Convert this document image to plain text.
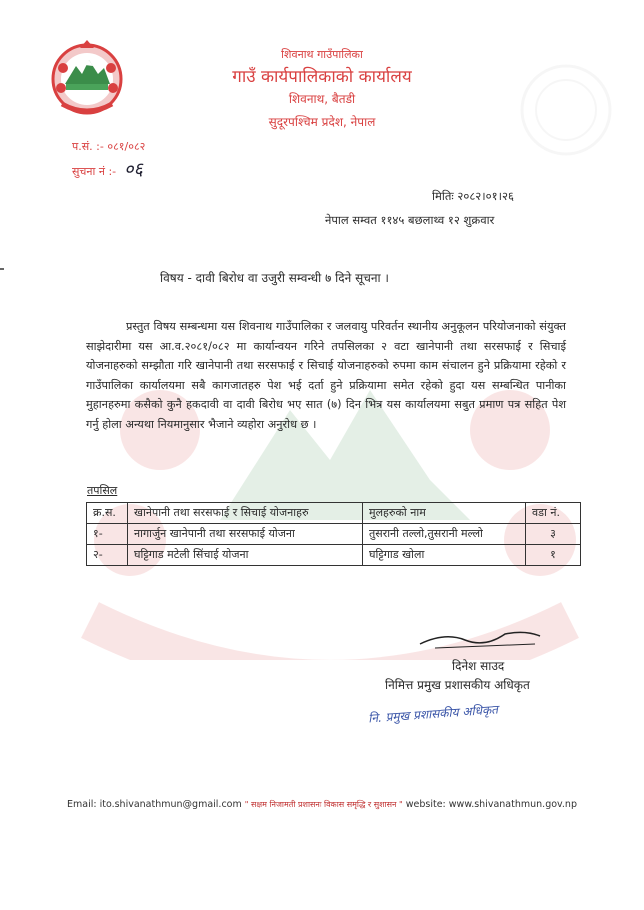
शिवनाथ गाउँपालिका
गाउँ कार्यपालिकाको कार्यालय
शिवनाथ, बैतडी
सुदूरपश्चिम प्रदेश, नेपाल
प.सं. :- ०८१/०८२
सुचना नं :- ०६
मितिः २०८२।०१।२६
नेपाल सम्वत ११४५ बछलाथ्व १२ शुक्रवार
विषय - दावी बिरोध वा उजुरी सम्वन्धी ७ दिने सूचना ।
प्रस्तुत विषय सम्बन्धमा यस शिवनाथ गाउँपालिका र जलवायु परिवर्तन स्थानीय अनुकूलन परियोजनाको संयुक्त साझेदारीमा यस आ.व.२०८१/०८२ मा कार्यान्वयन गरिने तपसिलका २ वटा खानेपानी तथा सरसफाई र सिचाई योजनाहरुको सम्झौता गरि खानेपानी तथा सरसफाई र सिचाई योजनाहरुको रुपमा काम संचालन हुने प्रक्रियामा रहेको र गाउँपालिका कार्यालयमा सबै कागजातहरु पेश भई दर्ता हुने प्रक्रियामा समेत रहेको हुदा यस सम्बन्धित पानीका मुहानहरुमा कसैको कुनै हकदावी वा दावी बिरोध भए सात (७) दिन भित्र यस कार्यालयमा सबुत प्रमाण पत्र सहित पेश गर्नु होला अन्यथा नियमानुसार भैजाने व्यहोरा अनुरोध छ ।
तपसिल
क्र.स.	खानेपानी तथा सरसफाई र सिचाई योजनाहरु	मुलहरुको नाम	वडा नं.
१-	नागार्जुन खानेपानी तथा सरसफाई योजना	तुसरानी तल्लो,तुसरानी मल्लो	३
२-	घट्टिगाड मटेली सिंचाई योजना	घट्टिगाड खोला	१
दिनेश साउद
निमित्त प्रमुख प्रशासकीय अधिकृत
नि. प्रमुख प्रशासकीय अधिकृत
Email: ito.shivanathmun@gmail.com " सक्षम निजामती प्रशासनः विकास समृद्धि र सुशासन " website: www.shivanathmun.gov.np
